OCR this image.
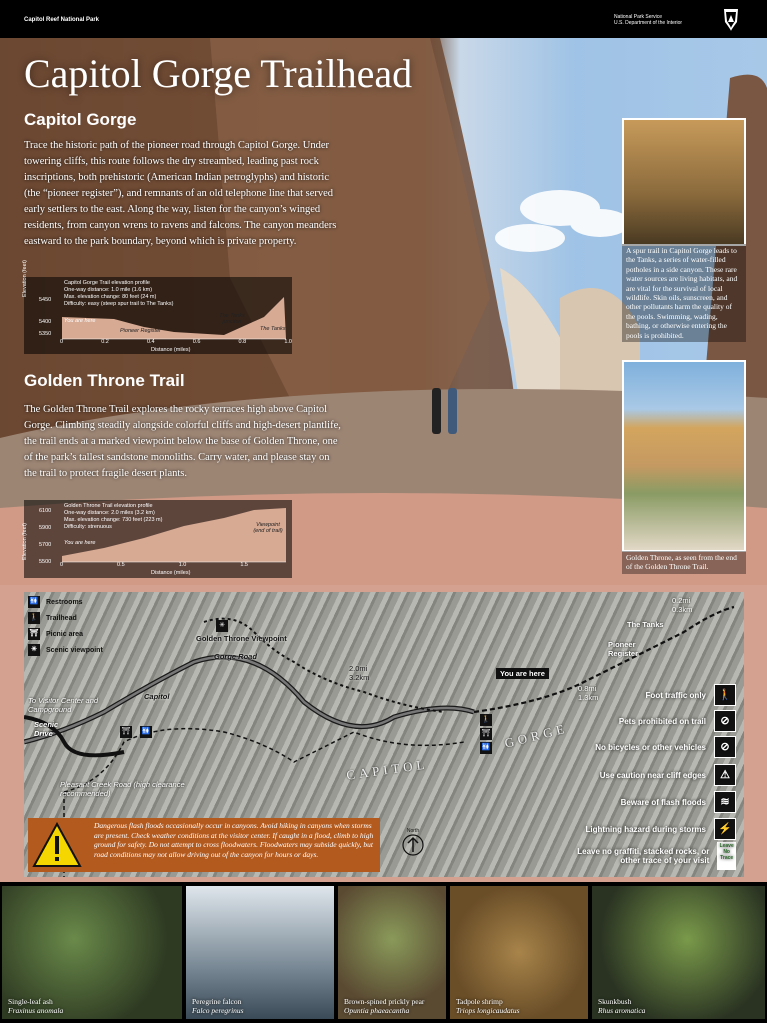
Capitol Reef National Park	National Park Service
U.S. Department of the Interior
Capitol Gorge Trailhead
Capitol Gorge
Trace the historic path of the pioneer road through Capitol Gorge. Under towering cliffs, this route follows the dry streambed, leading past rock inscriptions, both prehistoric (American Indian petroglyphs) and historic (the “pioneer register”), and remnants of an old telephone line that served early settlers to the east. Along the way, listen for the canyon’s winged residents, from canyon wrens to ravens and falcons. The canyon meanders eastward to the park boundary, beyond which is private property.
Capitol Gorge Trail elevation profile
One-way distance: 1.0 mile (1.6 km)
Max. elevation change: 80 feet (24 m)
Difficulty: easy (steep spur trail to The Tanks)
Elevation (feet)
5450
5400
5350
0	0.2	0.4	0.6	0.8	1.0
Distance (miles)
You are here
Pioneer Register
The Tanks junction
The Tanks
Golden Throne Trail
The Golden Throne Trail explores the rocky terraces high above Capitol Gorge. Climbing steadily alongside colorful cliffs and high-desert plantlife, the trail ends at a marked viewpoint below the base of Golden Throne, one of the park’s tallest sandstone monoliths. Carry water, and please stay on the trail to protect fragile desert plants.
Golden Throne Trail elevation profile
One-way distance: 2.0 miles (3.2 km)
Max. elevation change: 730 feet (223 m)
Difficulty: strenuous
Elevation (feet)
6100
5900
5700
5500 0	0.5	1.0	1.5
Distance (miles)
You are here
Viewpoint (end of trail)
A spur trail in Capitol Gorge leads to the Tanks, a series of water-filled potholes in a side canyon. These rare water sources are living habitats, and are vital for the survival of local wildlife. Skin oils, sunscreen, and other pollutants harm the quality of the pools. Swimming, wading, bathing, or otherwise entering the pools is prohibited.
Golden Throne, as seen from the end of the Golden Throne Trail.
🚻 Restrooms
🚶 Trailhead
⛩ Picnic area
✳	Scenic viewpoint
Golden Throne Viewpoint
Gorge Road
Capitol
To Visitor Center and Campground
Scenic Drive
2.0mi 3.2km	You are here
CAPITOL
GORGE
Pleasant Creek Road (high clearance recommended)
The Tanks
Pioneer Register
0.2mi 0.3km
0.8mi 1.3km
⛩ 🚻
🚶
⛩
🚻
✳
Foot traffic only	🚶
Pets prohibited on trail	⊘
No bicycles or other vehicles	⊘
Use caution near cliff edges	⚠
Beware of flash floods	≋
Lightning hazard during storms	⚡
Leave no graffiti, stacked rocks, or other trace of your visit
Leave No Trace
North
Dangerous flash floods occasionally occur in canyons. Avoid hiking in canyons when storms are present. Check weather conditions at the visitor center. If caught in a flood, climb to high ground for safety. Do not attempt to cross floodwaters. Floodwaters may subside quickly, but road conditions may not allow driving out of the canyon for hours or days.
Single-leaf ash
Fraxinus anomala
Peregrine falcon
Falco peregrinus
Brown-spined prickly pear
Opuntia phaeacantha
Tadpole shrimp
Triops longicaudatus
Skunkbush
Rhus aromatica
